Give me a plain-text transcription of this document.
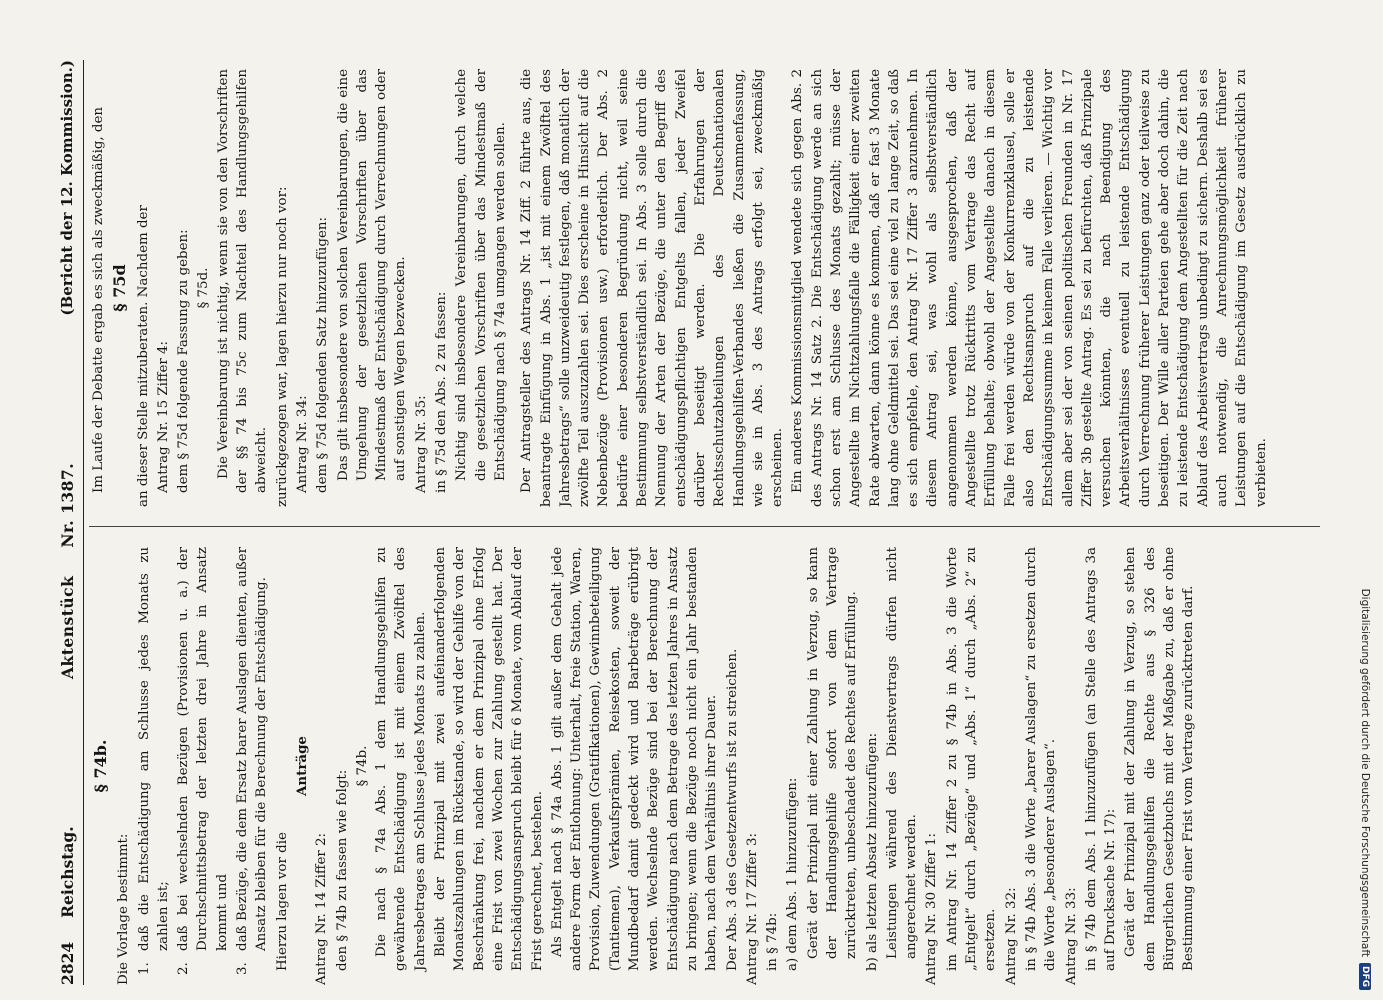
Digitalisierung gefördert durch die Deutsche Forschungsgemeinschaft
DFG
2824
Reichstag.
Aktenstück
Nr. 1387.
(Bericht der 12. Kommission.)
§ 74b.
Die Vorlage bestimmt: 1.
daß die Entschädigung am Schlusse jedes Monats zu zahlen ist;
2.
daß bei wechselnden Bezügen (Provisionen u. a.) der Durchschnittsbetrag der letzten drei Jahre in Ansatz kommt und
3.
daß Bezüge, die dem Ersatz barer Auslagen dienten, außer Ansatz bleiben für die Berechnung der Entschädigung. Hierzu lagen vor die
Anträge
Antrag Nr. 14 Ziffer 2: den § 74b zu fassen wie folgt:
§ 74b. Die nach § 74a Abs. 1 dem Handlungsgehilfen zu gewährende Entschädigung ist mit einem Zwölftel des Jahresbetrages am Schlusse jedes Monats zu zahlen. Bleibt der Prinzipal mit zwei aufeinanderfolgenden Monatszahlungen im Rückstande, so wird der Gehilfe von der Beschränkung frei, nachdem er dem Prinzipal ohne Erfolg eine Frist von zwei Wochen zur Zahlung gestellt hat. Der Entschädigungsanspruch bleibt für 6 Monate, vom Ablauf der Frist gerechnet, bestehen. Als Entgelt nach § 74a Abs. 1 gilt außer dem Gehalt jede andere Form der Entlohnung: Unterhalt, freie Station, Waren, Provision, Zuwendungen (Gratifikationen), Gewinnbeteiligung (Tantiemen), Verkaufsprämien, Reisekosten, soweit der Mundbedarf damit gedeckt wird und Barbeträge erübrigt werden. Wechselnde Bezüge sind bei der Berechnung der Entschädigung nach dem Betrage des letzten Jahres in Ansatz zu bringen; wenn die Bezüge noch nicht ein Jahr bestanden haben, nach dem Verhältnis ihrer Dauer. Der Abs. 3 des Gesetzentwurfs ist zu streichen. Antrag Nr. 17 Ziffer 3: in § 74b: a) dem Abs. 1 hinzuzufügen: Gerät der Prinzipal mit einer Zahlung in Verzug, so kann der Handlungsgehilfe sofort von dem Vertrage zurücktreten, unbeschadet des Rechtes auf Erfüllung. b) als letzten Absatz hinzuzufügen: Leistungen während des Dienstvertrags dürfen nicht angerechnet werden. Antrag Nr. 30 Ziffer 1: im Antrag Nr. 14 Ziffer 2 zu § 74b in Abs. 3 die Worte „Entgelt“ durch „Bezüge“ und „Abs. 1“ durch „Abs. 2“ zu ersetzen. Antrag Nr. 32: in § 74b Abs. 3 die Worte „barer Auslagen“ zu ersetzen durch die Worte „besonderer Auslagen“. Antrag Nr. 33: in § 74b dem Abs. 1 hinzuzufügen (an Stelle des Antrags 3a auf Drucksache Nr. 17): Gerät der Prinzipal mit der Zahlung in Verzug, so stehen dem Handlungsgehilfen die Rechte aus § 326 des Bürgerlichen Gesetzbuchs mit der Maßgabe zu, daß er ohne Bestimmung einer Frist vom Vertrage zurücktreten darf.
Im Laufe der Debatte ergab es sich als zweckmäßig, den § 75d an dieser Stelle mitzuberaten. Nachdem der Antrag Nr. 15 Ziffer 4: dem § 75d folgende Fassung zu geben: § 75d. Die Vereinbarung ist nichtig, wenn sie von den Vorschriften der §§ 74 bis 75c zum Nachteil des Handlungsgehilfen abweicht. zurückgezogen war, lagen hierzu nur noch vor: Antrag Nr. 34: dem § 75d folgenden Satz hinzuzufügen: Das gilt insbesondere von solchen Vereinbarungen, die eine Umgehung der gesetzlichen Vorschriften über das Mindestmaß der Entschädigung durch Verrechnungen oder auf sonstigen Wegen bezwecken. Antrag Nr. 35: in § 75d den Abs. 2 zu fassen: Nichtig sind insbesondere Vereinbarungen, durch welche die gesetzlichen Vorschriften über das Mindestmaß der Entschädigung nach § 74a umgangen werden sollen. Der Antragsteller des Antrags Nr. 14 Ziff. 2 führte aus, die beantragte Einfügung in Abs. 1 „ist mit einem Zwölftel des Jahresbetrags“ solle unzweideutig festlegen, daß monatlich der zwölfte Teil auszuzahlen sei. Dies erscheine in Hinsicht auf die Nebenbezüge (Provisionen usw.) erforderlich. Der Abs. 2 bedürfe einer besonderen Begründung nicht, weil seine Bestimmung selbstverständlich sei. In Abs. 3 solle durch die Nennung der Arten der Bezüge, die unter den Begriff des entschädigungspflichtigen Entgelts fallen, jeder Zweifel darüber beseitigt werden. Die Erfahrungen der Rechtsschutzabteilungen des Deutschnationalen Handlungsgehilfen-Verbandes ließen die Zusammenfassung, wie sie in Abs. 3 des Antrags erfolgt sei, zweckmäßig erscheinen. Ein anderes Kommissionsmitglied wendete sich gegen Abs. 2 des Antrags Nr. 14 Satz 2. Die Entschädigung werde an sich schon erst am Schlusse des Monats gezahlt; müsse der Angestellte im Nichtzahlungsfalle die Fälligkeit einer zweiten Rate abwarten, dann könne es kommen, daß er fast 3 Monate lang ohne Geldmittel sei. Das sei eine viel zu lange Zeit, so daß es sich empfehle, den Antrag Nr. 17 Ziffer 3 anzunehmen. In diesem Antrag sei, was wohl als selbstverständlich angenommen werden könne, ausgesprochen, daß der Angestellte trotz Rücktritts vom Vertrage das Recht auf Erfüllung behalte; obwohl der Angestellte danach in diesem Falle frei werden würde von der Konkurrenzklausel, solle er also den Rechtsanspruch auf die zu leistende Entschädigungssumme in keinem Falle verlieren. — Wichtig vor allem aber sei der von seinen politischen Freunden in Nr. 17 Ziffer 3b gestellte Antrag. Es sei zu befürchten, daß Prinzipale versuchen könnten, die nach Beendigung des Arbeitsverhältnisses eventuell zu leistende Entschädigung durch Verrechnung früherer Leistungen ganz oder teilweise zu beseitigen. Der Wille aller Parteien gehe aber doch dahin, die zu leistende Entschädigung dem Angestellten für die Zeit nach Ablauf des Arbeitsvertrags unbedingt zu sichern. Deshalb sei es auch notwendig, die Anrechnungsmöglichkeit früherer Leistungen auf die Entschädigung im Gesetz ausdrücklich zu verbieten.
